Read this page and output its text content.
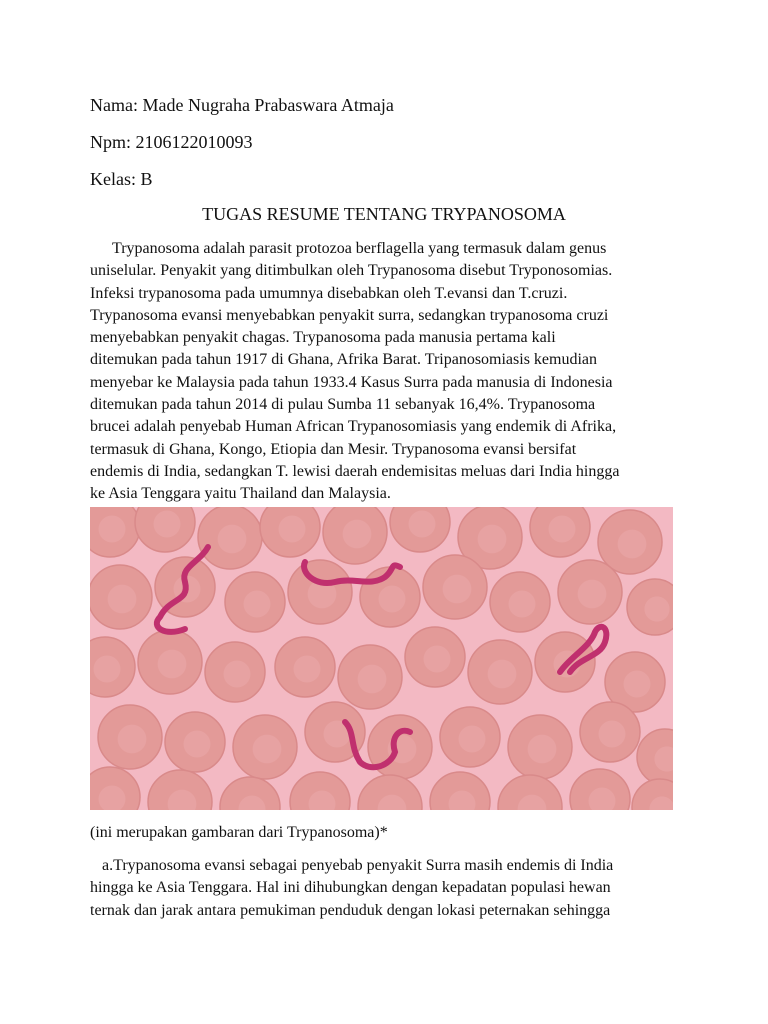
Nama: Made Nugraha Prabaswara Atmaja
Npm: 2106122010093
Kelas: B
TUGAS RESUME TENTANG TRYPANOSOMA
Trypanosoma adalah parasit protozoa berflagella yang termasuk dalam genus
uniselular. Penyakit yang ditimbulkan oleh Trypanosoma disebut Tryponosomias.
Infeksi trypanosoma pada umumnya disebabkan oleh T.evansi dan T.cruzi.
Trypanosoma evansi menyebabkan penyakit surra, sedangkan trypanosoma cruzi
menyebabkan penyakit chagas. Trypanosoma pada manusia pertama kali
ditemukan pada tahun 1917 di Ghana, Afrika Barat. Tripanosomiasis kemudian
menyebar ke Malaysia pada tahun 1933.4 Kasus Surra pada manusia di Indonesia
ditemukan pada tahun 2014 di pulau Sumba 11 sebanyak 16,4%. Trypanosoma
brucei adalah penyebab Human African Trypanosomiasis yang endemik di Afrika,
termasuk di Ghana, Kongo, Etiopia dan Mesir. Trypanosoma evansi bersifat
endemis di India, sedangkan T. lewisi daerah endemisitas meluas dari India hingga
ke Asia Tenggara yaitu Thailand dan Malaysia.
(ini merupakan gambaran dari Trypanosoma)*
a.Trypanosoma evansi sebagai penyebab penyakit Surra masih endemis di India
hingga ke Asia Tenggara. Hal ini dihubungkan dengan kepadatan populasi hewan
ternak dan jarak antara pemukiman penduduk dengan lokasi peternakan sehingga
